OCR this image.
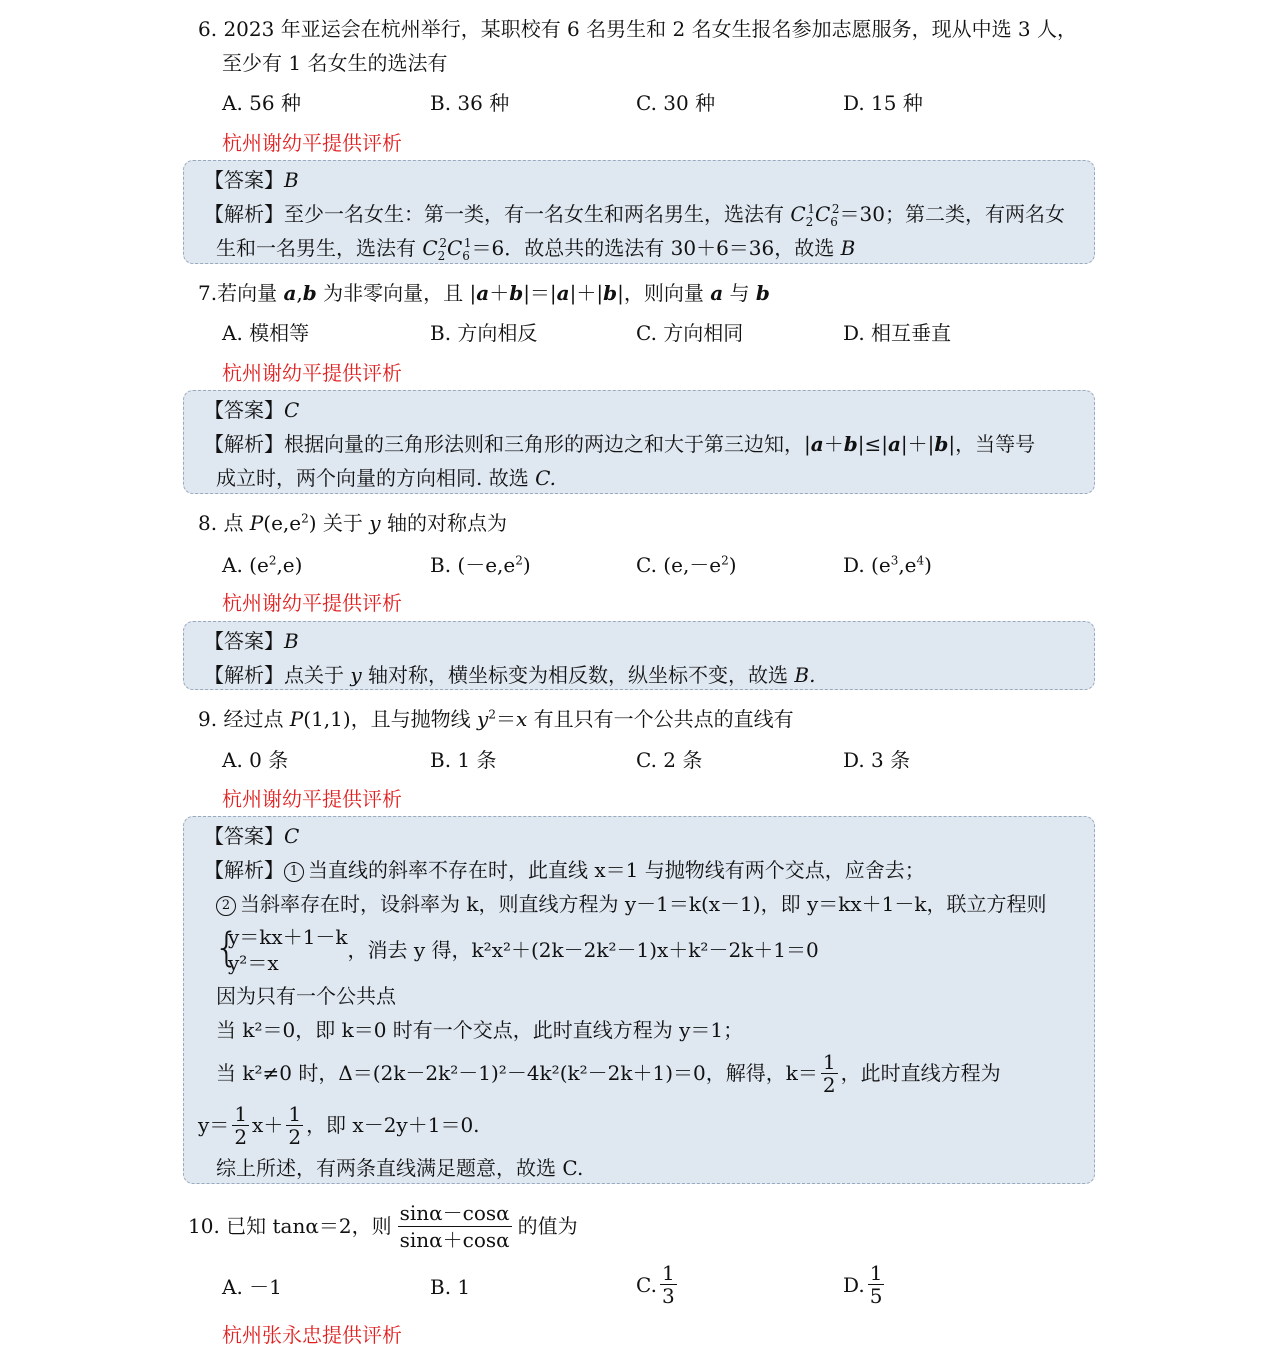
6. 2023 年亚运会在杭州举行，某职校有 6 名男生和 2 名女生报名参加志愿服务，现从中选 3 人，
至少有 1 名女生的选法有
A. 56 种	B. 36 种	C. 30 种	D. 15 种
杭州谢幼平提供评析
【答案】B
【解析】至少一名女生：第一类，有一名女生和两名男生，选法有 $C_2^1C_6^2=30$；第二类，有两名女
生和一名男生，选法有 $C_2^2C_6^1=6$．故总共的选法有 30＋6＝36，故选 B
7.若向量 a,b 为非零向量，且 |a＋b|＝|a|＋|b|，则向量 a 与 b
A. 模相等	B. 方向相反	C. 方向相同	D. 相互垂直
杭州谢幼平提供评析
【答案】C
【解析】根据向量的三角形法则和三角形的两边之和大于第三边知，|a＋b|≤|a|＋|b|，当等号
成立时，两个向量的方向相同. 故选 C.
8. 点 $P(e,e^2)$ 关于 y 轴的对称点为
A. $(e^2,e)$	B. $(-e,e^2)$	C. $(e,-e^2)$	D. $(e^3,e^4)$
杭州谢幼平提供评析
【答案】B
【解析】点关于 y 轴对称，横坐标变为相反数，纵坐标不变，故选 B.
9. 经过点 P(1,1)，且与抛物线 $y^2=x$ 有且只有一个公共点的直线有
A. 0 条	B. 1 条	C. 2 条	D. 3 条
杭州谢幼平提供评析
【答案】C
【解析】 1 当直线的斜率不存在时，此直线 x＝1 与抛物线有两个交点，应舍去；
2 当斜率存在时，设斜率为 k，则直线方程为 y－1＝k(x－1)，即 y＝kx＋1－k，联立方程则
{ y＝kx＋1－k
y²＝x
，消去 y 得，k²x²＋(2k－2k²－1)x＋k²－2k＋1＝0
因为只有一个公共点
当 k²＝0，即 k＝0 时有一个交点，此时直线方程为 y＝1；
当 k²≠0 时，Δ＝(2k－2k²－1)²－4k²(k²－2k＋1)＝0，解得，$k= \frac{1}{2}$ ，此时直线方程为
$y= \frac{1}{2} x+ \frac{1}{2}$ ，即 x－2y＋1＝0.
综上所述，有两条直线满足题意，故选 C.
10. 已知 tanα＝2，则 $\frac{\sin\alpha-\cos\alpha}{\sin\alpha+\cos\alpha}$ 的值为
A. －1	B. 1	C. $\frac{1}{3}$	D. $\frac{1}{5}$
杭州张永忠提供评析
